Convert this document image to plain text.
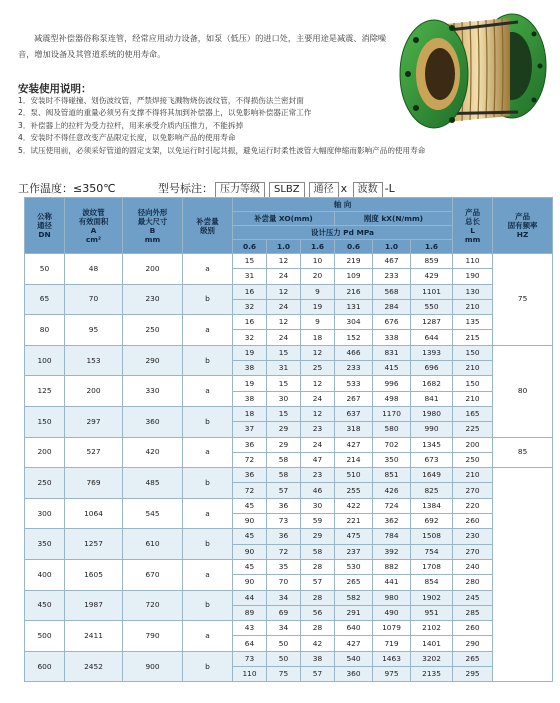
减震型补偿器俗称泵连管，经常应用动力设备，如泵（低压）的进口处，主要用途是减震、消除噪音，增加设备及其管道系统的使用寿命。

安装使用说明：
1．安装时不得碰撞、划伤波纹管，严禁焊接飞溅物烧伤波纹管，不得损伤法兰密封面
2．泵、阀及管道的重量必须另有支撑不得将其加到补偿器上，以免影响补偿器正常工作
3．补偿器上的拉杆为受力拉杆，用来承受介质内压推力，不能拆掉
4．安装时不得任意改变产品限定长度，以免影响产品的使用寿命
5．试压使用前，必须采好管道的固定支架，以免运行时引起共振，避免运行时柔性波管大幅度伸缩而影响产品的使用寿命
工作温度：≤350℃	型号标注： 压力等级 SLBZ 通径 x 波数 -L
公称
通径
DN	波纹管
有效面积
A
cm²	径向外形
最大尺寸
B
mm	补尝量
级别	轴 向						产品
总长
L
mm	产品
固有频率
HZ
				补尝量 XO(mm)			刚度 kX(N/mm)				
				设计压力 Pd MPa							
				0.6	1.0	1.6	0.6	1.0	1.6		
50	48	200	a	15	12	10	219	467	859	110	75
				31	24	20	109	233	429	190	
65	70	230	b	16	12	9	216	568	1101	130	
				32	24	19	131	284	550	210	
80	95	250	a	16	12	9	304	676	1287	135	
				32	24	18	152	338	644	215	
100	153	290	b	19	15	12	466	831	1393	150	80
				38	31	25	233	415	696	210	
125	200	330	a	19	15	12	533	996	1682	150	
				38	30	24	267	498	841	210	
150	297	360	b	18	15	12	637	1170	1980	165	
				37	29	23	318	580	990	225	
200	527	420	a	36	29	24	427	702	1345	200	85
				72	58	47	214	350	673	250	
250	769	485	b	36	58	23	510	851	1649	210	
				72	57	46	255	426	825	270	
300	1064	545	a	45	36	30	422	724	1384	220	
				90	73	59	221	362	692	260	
350	1257	610	b	45	36	29	475	784	1508	230	
				90	72	58	237	392	754	270	
400	1605	670	a	45	35	28	530	882	1708	240	
				90	70	57	265	441	854	280	
450	1987	720	b	44	34	28	582	980	1902	245	
				89	69	56	291	490	951	285	
500	2411	790	a	43	34	28	640	1079	2102	260	
				64	50	42	427	719	1401	290	
600	2452	900	b	73	50	38	540	1463	3202	265	
				110	75	57	360	975	2135	295	
